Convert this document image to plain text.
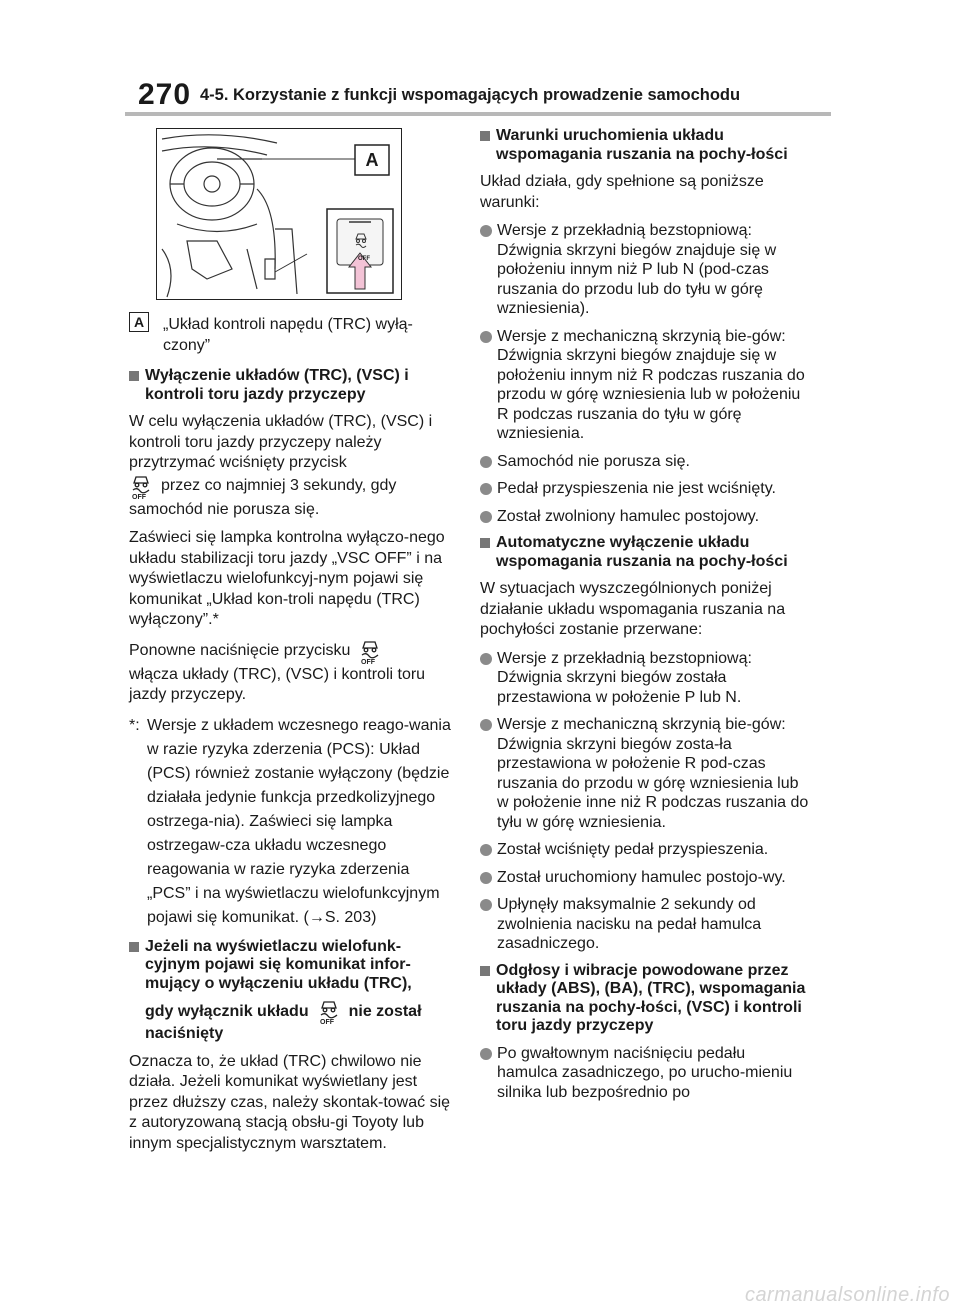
270 4-5. Korzystanie z funkcji wspomagających prowadzenie samochodu
A
OFF
A	„Układ kontroli napędu (TRC) wyłą-
czony”
Wyłączenie układów (TRC), (VSC) i kontroli toru jazdy przyczepy
W celu wyłączenia układów (TRC), (VSC) i kontroli toru jazdy przyczepy należy przytrzymać wciśnięty przycisk
OFF
przez co najmniej 3 sekundy, gdy
samochód nie porusza się.
Zaświeci się lampka kontrolna wyłączo-nego układu stabilizacji toru jazdy „VSC OFF” i na wyświetlaczu wielofunkcyj-nym pojawi się komunikat „Układ kon-troli napędu (TRC) wyłączony”.*
Ponowne naciśnięcie przycisku
OFF
włącza układy (TRC), (VSC) i kontroli toru jazdy przyczepy.
*: Wersje z układem wczesnego reago-wania w razie ryzyka zderzenia (PCS): Układ (PCS) również zostanie wyłączony (będzie działała jedynie funkcja przedkolizyjnego ostrzega-nia). Zaświeci się lampka ostrzegaw-cza układu wczesnego reagowania w razie ryzyka zderzenia „PCS” i na wyświetlaczu wielofunkcyjnym pojawi się komunikat. (→S. 203)
Jeżeli na wyświetlaczu wielofunk-cyjnym pojawi się komunikat infor-mujący o wyłączeniu układu (TRC),
gdy wyłącznik układu
OFF
nie został
naciśnięty
Oznacza to, że układ (TRC) chwilowo nie działa. Jeżeli komunikat wyświetlany jest przez dłuższy czas, należy skontak-tować się z autoryzowaną stacją obsłu-gi Toyoty lub innym specjalistycznym warsztatem.
Warunki uruchomienia układu wspomagania ruszania na pochy-łości
Układ działa, gdy spełnione są poniższe warunki:
Wersje z przekładnią bezstopniową: Dźwignia skrzyni biegów znajduje się w położeniu innym niż P lub N (pod-czas ruszania do przodu lub do tyłu w górę wzniesienia).
Wersje z mechaniczną skrzynią bie-gów: Dźwignia skrzyni biegów znajduje się w położeniu innym niż R podczas ruszania do przodu w górę wzniesienia lub w położeniu R podczas ruszania do tyłu w górę wzniesienia.
Samochód nie porusza się.
Pedał przyspieszenia nie jest wciśnięty.
Został zwolniony hamulec postojowy.
Automatyczne wyłączenie układu wspomagania ruszania na pochy-łości
W sytuacjach wyszczególnionych poniżej działanie układu wspomagania ruszania na pochyłości zostanie przerwane:
Wersje z przekładnią bezstopniową: Dźwignia skrzyni biegów została przestawiona w położenie P lub N.
Wersje z mechaniczną skrzynią bie-gów: Dźwignia skrzyni biegów zosta-ła przestawiona w położenie R pod-czas ruszania do przodu w górę wzniesienia lub w położenie inne niż R podczas ruszania do tyłu w górę wzniesienia.
Został wciśnięty pedał przyspieszenia.
Został uruchomiony hamulec postojo-wy.
Upłynęły maksymalnie 2 sekundy od zwolnienia nacisku na pedał hamulca zasadniczego.
Odgłosy i wibracje powodowane przez układy (ABS), (BA), (TRC), wspomagania ruszania na pochy-łości, (VSC) i kontroli toru jazdy przyczepy
Po gwałtownym naciśnięciu pedału hamulca zasadniczego, po urucho-mieniu silnika lub bezpośrednio po
carmanualsonline.info
